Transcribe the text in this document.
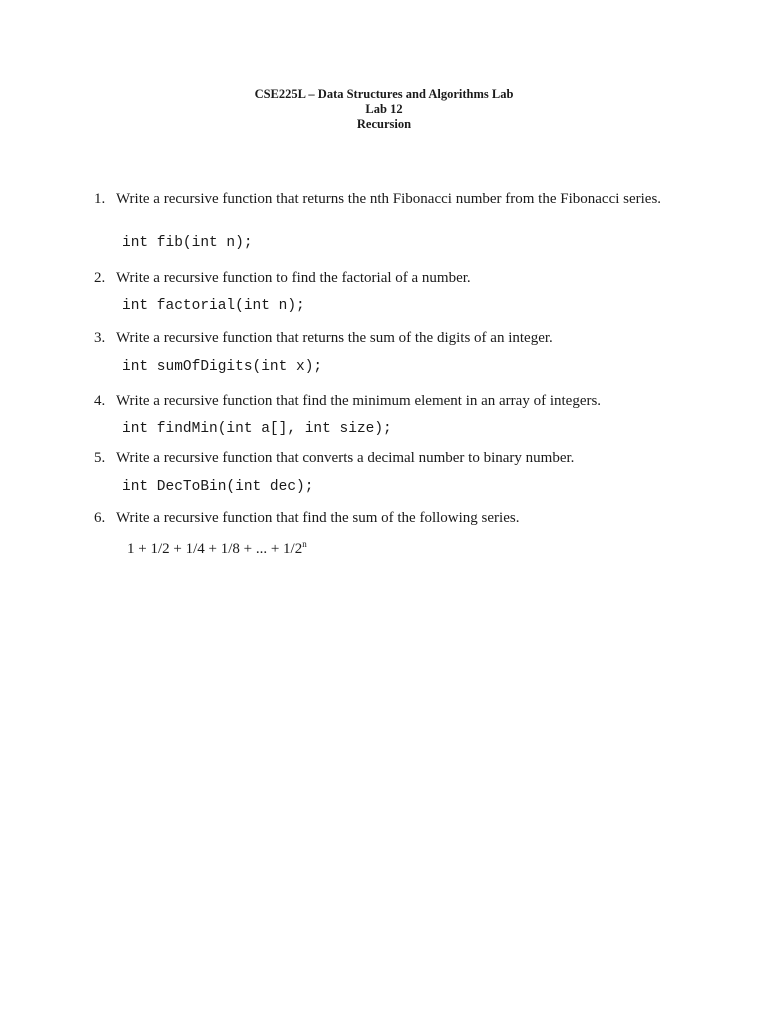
CSE225L – Data Structures and Algorithms Lab
Lab 12
Recursion
1. Write a recursive function that returns the nth Fibonacci number from the Fibonacci series.
int fib(int n);
2. Write a recursive function to find the factorial of a number.
int factorial(int n);
3. Write a recursive function that returns the sum of the digits of an integer.
int sumOfDigits(int x);
4. Write a recursive function that find the minimum element in an array of integers.
int findMin(int a[], int size);
5. Write a recursive function that converts a decimal number to binary number.
int DecToBin(int dec);
6. Write a recursive function that find the sum of the following series.
1 + 1/2 + 1/4 + 1/8 + ... + $1/2^n$
